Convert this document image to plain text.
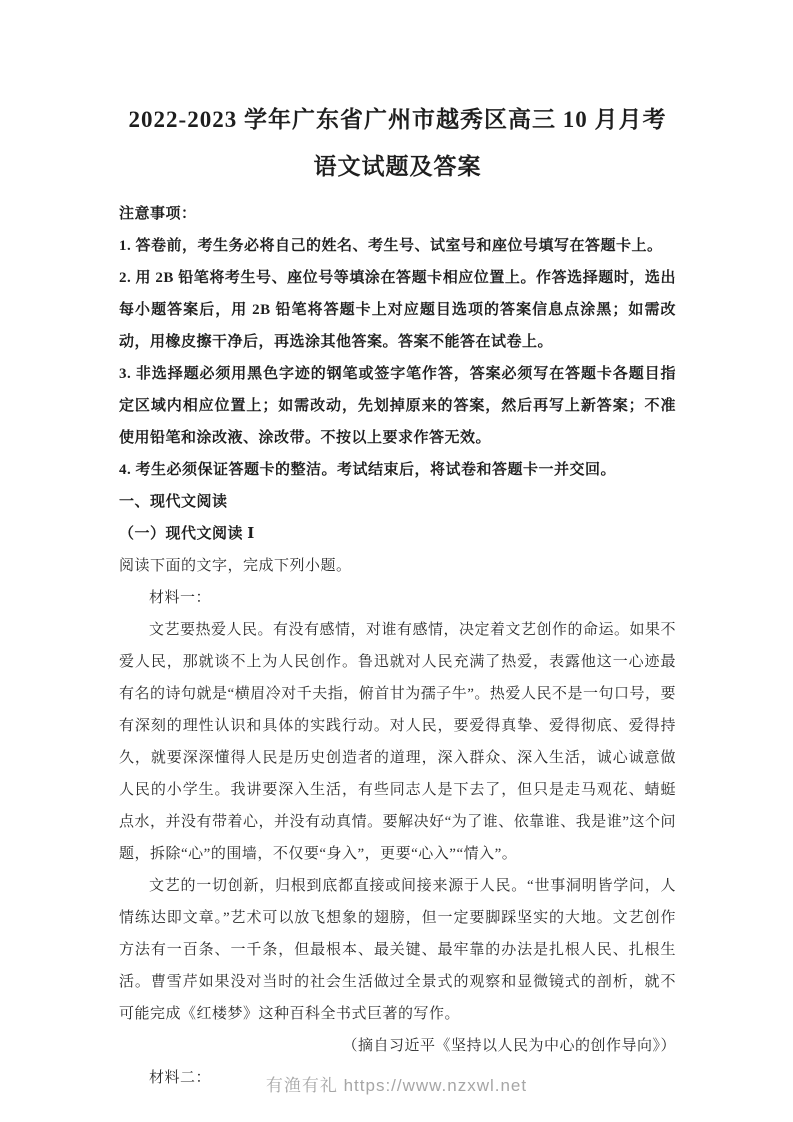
2022-2023 学年广东省广州市越秀区高三 10 月月考语文试题及答案

注意事项：

1. 答卷前，考生务必将自己的姓名、考生号、试室号和座位号填写在答题卡上。

2. 用 2B 铅笔将考生号、座位号等填涂在答题卡相应位置上。作答选择题时，选出每小题答案后，用 2B 铅笔将答题卡上对应题目选项的答案信息点涂黑；如需改动，用橡皮擦干净后，再选涂其他答案。答案不能答在试卷上。

3. 非选择题必须用黑色字迹的钢笔或签字笔作答，答案必须写在答题卡各题目指定区域内相应位置上；如需改动，先划掉原来的答案，然后再写上新答案；不准使用铅笔和涂改液、涂改带。不按以上要求作答无效。

4. 考生必须保证答题卡的整洁。考试结束后，将试卷和答题卡一并交回。

一、现代文阅读

（一）现代文阅读 Ⅰ

阅读下面的文字，完成下列小题。

材料一：

文艺要热爱人民。有没有感情，对谁有感情，决定着文艺创作的命运。如果不爱人民，那就谈不上为人民创作。鲁迅就对人民充满了热爱，表露他这一心迹最有名的诗句就是“横眉冷对千夫指，俯首甘为孺子牛”。热爱人民不是一句口号，要有深刻的理性认识和具体的实践行动。对人民，要爱得真挚、爱得彻底、爱得持久，就要深深懂得人民是历史创造者的道理，深入群众、深入生活，诚心诚意做人民的小学生。我讲要深入生活，有些同志人是下去了，但只是走马观花、蜻蜓点水，并没有带着心，并没有动真情。要解决好“为了谁、依靠谁、我是谁”这个问题，拆除“心”的围墙，不仅要“身入”，更要“心入”“情入”。

文艺的一切创新，归根到底都直接或间接来源于人民。“世事洞明皆学问，人情练达即文章。”艺术可以放飞想象的翅膀，但一定要脚踩坚实的大地。文艺创作方法有一百条、一千条，但最根本、最关键、最牢靠的办法是扎根人民、扎根生活。曹雪芹如果没对当时的社会生活做过全景式的观察和显微镜式的剖析，就不可能完成《红楼梦》这种百科全书式巨著的写作。

（摘自习近平《坚持以人民为中心的创作导向》）

材料二：	有渔有礼 https://www.nzxwl.net
